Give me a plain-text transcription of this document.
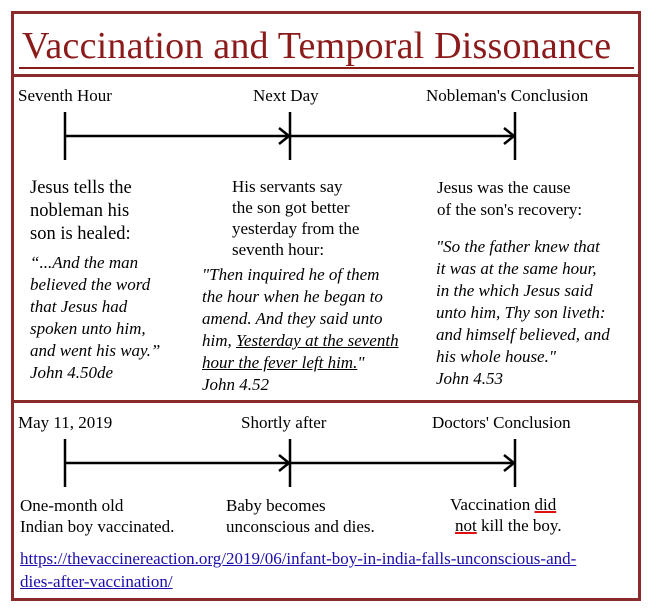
Vaccination and Temporal Dissonance
Seventh Hour	Next Day	Nobleman's Conclusion
Jesus tells the
nobleman his
son is healed:
“...And the man
believed the word
that Jesus had
spoken unto him,
and went his way.”
John 4.50de
His servants say
the son got better
yesterday from the
seventh hour:
"Then inquired he of them
the hour when he began to
amend. And they said unto
him, Yesterday at the seventh
hour the fever left him."
John 4.52
Jesus was the cause
of the son's recovery:
"So the father knew that
it was at the same hour,
in the which Jesus said
unto him, Thy son liveth:
and himself believed, and
his whole house."
John 4.53
May 11, 2019	Shortly after	Doctors' Conclusion
One-month old
Indian boy vaccinated.
Baby becomes
unconscious and dies.
Vaccination did
not kill the boy.
https://thevaccinereaction.org/2019/06/infant-boy-in-india-falls-unconscious-and-
dies-after-vaccination/
